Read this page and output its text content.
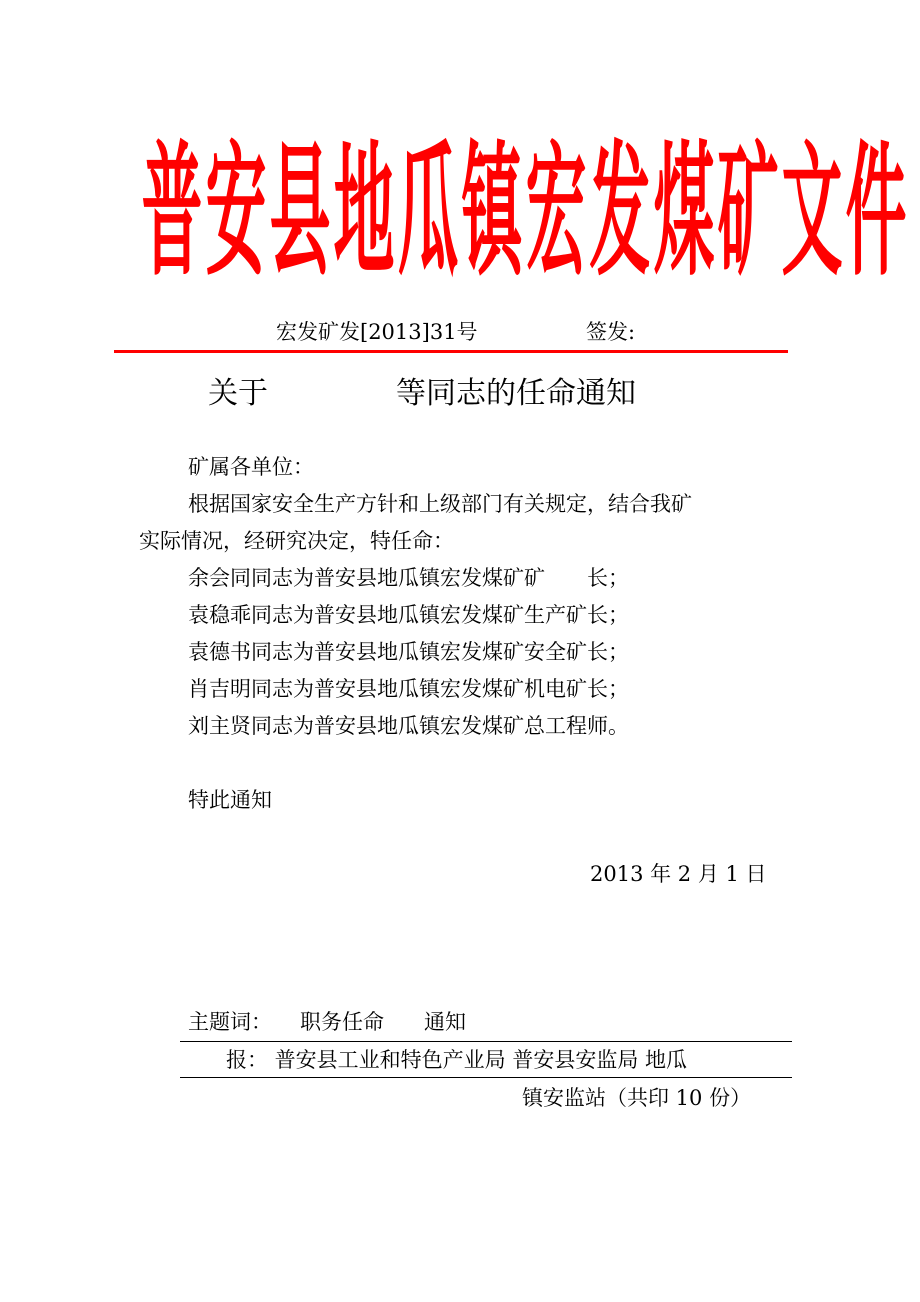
普 安 县 地 瓜 镇 宏 发 煤 矿 文 件
宏发矿发[2013]31号	签发:
关于	等同志的任命通知
矿属各单位：
根据国家安全生产方针和上级部门有关规定，结合我矿
实际情况，经研究决定，特任命：
余会同同志为普安县地瓜镇宏发煤矿矿　　长；
袁稳乖同志为普安县地瓜镇宏发煤矿生产矿长；
袁德书同志为普安县地瓜镇宏发煤矿安全矿长；
肖吉明同志为普安县地瓜镇宏发煤矿机电矿长；
刘主贤同志为普安县地瓜镇宏发煤矿总工程师。
特此通知
2013 年 2 月 1 日
主题词： 职务任命 通知
报： 普安县工业和特色产业局 普安县安监局 地瓜
镇安监站（共印 10 份）
